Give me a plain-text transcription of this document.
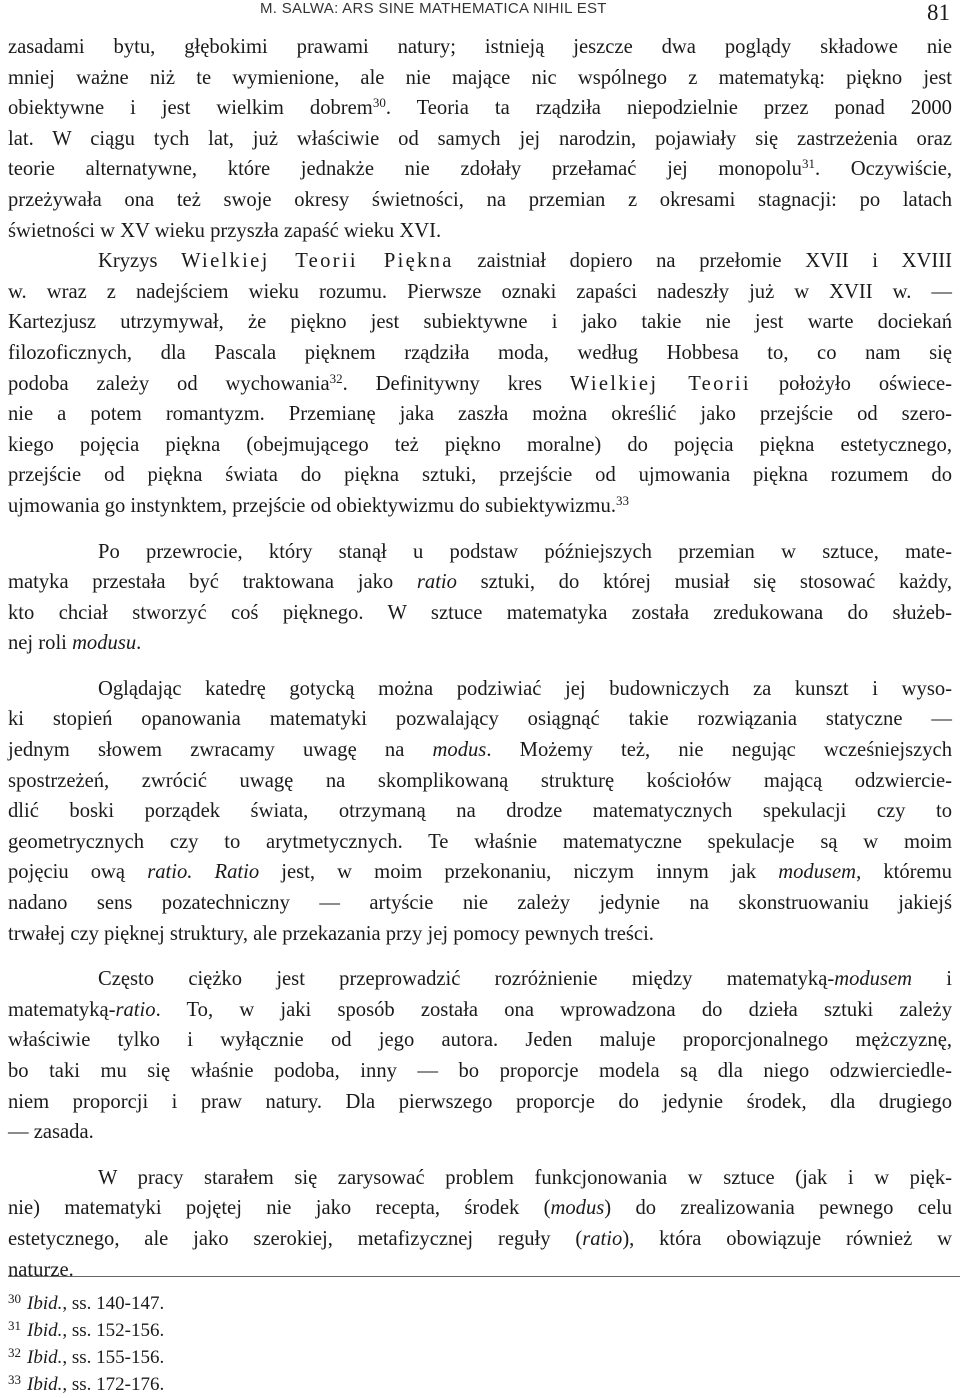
M. SALWA: ARS SINE MATHEMATICA NIHIL EST	81
zasadami bytu, głębokimi prawami natury; istnieją jeszcze dwa poglądy składowe nie
mniej ważne niż te wymienione, ale nie mające nic wspólnego z matematyką: piękno jest
obiektywne i jest wielkim dobrem$^{30}$. Teoria ta rządziła niepodzielnie przez ponad 2000
lat. W ciągu tych lat, już właściwie od samych jej narodzin, pojawiały się zastrzeżenia oraz
teorie alternatywne, które jednakże nie zdołały przełamać jej monopolu$^{31}$. Oczywiście,
przeżywała ona też swoje okresy świetności, na przemian z okresami stagnacji: po latach
świetności w XV wieku przyszła zapaść wieku XVI.
Kryzys Wielkiej Teorii Piękna zaistniał dopiero na przełomie XVII i XVIII
w. wraz z nadejściem wieku rozumu. Pierwsze oznaki zapaści nadeszły już w XVII w. —
Kartezjusz utrzymywał, że piękno jest subiektywne i jako takie nie jest warte dociekań
filozoficznych, dla Pascala pięknem rządziła moda, według Hobbesa to, co nam się
podoba zależy od wychowania$^{32}$. Definitywny kres Wielkiej Teorii położyło oświece-
nie a potem romantyzm. Przemianę jaka zaszła można określić jako przejście od szero-
kiego pojęcia piękna (obejmującego też piękno moralne) do pojęcia piękna estetycznego,
przejście od piękna świata do piękna sztuki, przejście od ujmowania piękna rozumem do
ujmowania go instynktem, przejście od obiektywizmu do subiektywizmu.$^{33}$
Po przewrocie, który stanął u podstaw późniejszych przemian w sztuce, mate-
matyka przestała być traktowana jako ratio sztuki, do której musiał się stosować każdy,
kto chciał stworzyć coś pięknego. W sztuce matematyka została zredukowana do służeb-
nej roli modusu.
Oglądając katedrę gotycką można podziwiać jej budowniczych za kunszt i wyso-
ki stopień opanowania matematyki pozwalający osiągnąć takie rozwiązania statyczne —
jednym słowem zwracamy uwagę na modus. Możemy też, nie negując wcześniejszych
spostrzeżeń, zwrócić uwagę na skomplikowaną strukturę kościołów mającą odzwiercie-
dlić boski porządek świata, otrzymaną na drodze matematycznych spekulacji czy to
geometrycznych czy to arytmetycznych. Te właśnie matematyczne spekulacje są w moim
pojęciu ową ratio. Ratio jest, w moim przekonaniu, niczym innym jak modusem, któremu
nadano sens pozatechniczny — artyście nie zależy jedynie na skonstruowaniu jakiejś
trwałej czy pięknej struktury, ale przekazania przy jej pomocy pewnych treści.
Często ciężko jest przeprowadzić rozróżnienie między matematyką-modusem i
matematyką-ratio. To, w jaki sposób została ona wprowadzona do dzieła sztuki zależy
właściwie tylko i wyłącznie od jego autora. Jeden maluje proporcjonalnego mężczyznę,
bo taki mu się właśnie podoba, inny — bo proporcje modela są dla niego odzwierciedle-
niem proporcji i praw natury. Dla pierwszego proporcje do jedynie środek, dla drugiego
— zasada.
W pracy starałem się zarysować problem funkcjonowania w sztuce (jak i w pięk-
nie) matematyki pojętej nie jako recepta, środek (modus) do zrealizowania pewnego celu
estetycznego, ale jako szerokiej, metafizycznej reguły (ratio), która obowiązuje również w
naturze.
$^{30}$ Ibid., ss. 140-147.
$^{31}$ Ibid., ss. 152-156.
$^{32}$ Ibid., ss. 155-156.
$^{33}$ Ibid., ss. 172-176.
